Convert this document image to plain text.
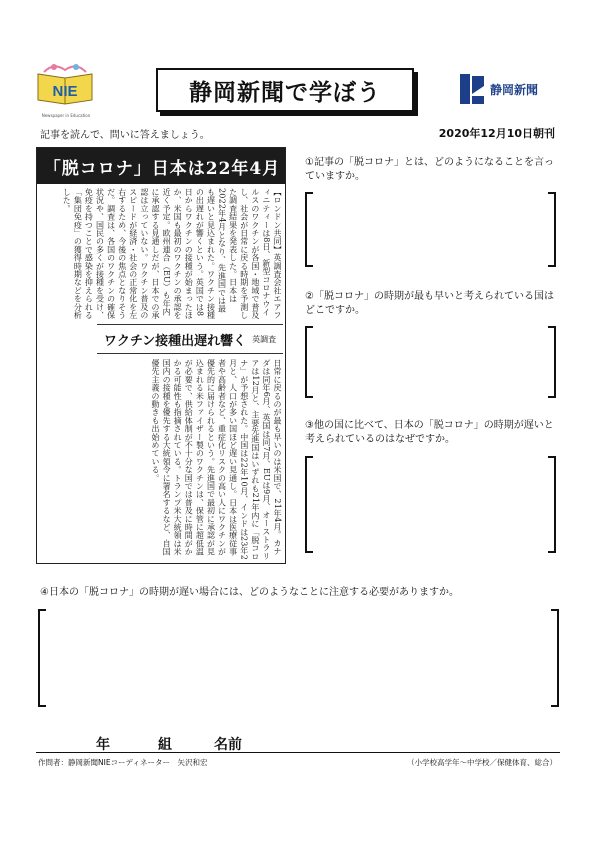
NIE
Newspaper in Education
静岡新聞で学ぼう	静岡新聞
記事を読んで、問いに答えましょう。	2020年12月10日朝刊
「脱コロナ」日本は22年4月
【ロンドン共同】英調査会社エアフィニティーは8日、新型コロナウイルスのワクチンが各国・地域で普及し、社会が日常に戻る時期を予測した調査結果を発表した。日本は2022年4月となり、先進国では最も遅いと見込まれた。ワクチン接種の出遅れが響くという。英国では8日からワクチンの接種が始まったほか、米国も最初のワクチンの承認を近く予定。欧州連合（EU）も年内に承認する見通しだが、日本での承認は立っていない。ワクチン普及のスピードが経済・社会の正常化を左右するため、今後の焦点となりそうだ。調査は、各国のワクチンの確保状況や、国民の多くが接種を受け、免疫を持つことで感染を抑えられる「集団免疫」の獲得時期などを分析した。
ワクチン接種出遅れ響く 英調査
日常に戻るのが最も早いのは米国で、21年4月。カナダは同年6月、英国は同7月、EUは9月、オーストラリアは12月と、主要先進国はいずれも21年内に「脱コロナ」が予想された。中国は22年10月、インドは23年2月と、人口が多い国ほど遅い見通し。日本は医療従事者や高齢者など、重症化リスクの高い人にワクチンが優先的に届けられるという。先進国で最初に承認が見込まれる米ファイザー製のワクチンは、保管に超低温が必要で、供給体制が不十分な国では普及に時間がかかる可能性も指摘されている。トランプ米大統領は米国内の接種を優先する大統領令に署名するなど、自国優先主義の動きも出始めている。
①記事の「脱コロナ」とは、どのようになることを言っていますか。
②「脱コロナ」の時期が最も早いと考えられている国はどこですか。
③他の国に比べて、日本の「脱コロナ」の時期が遅いと考えられているのはなぜですか。
④日本の「脱コロナ」の時期が遅い場合には、どのようなことに注意する必要がありますか。
年	組	名前
作問者：静岡新聞NIEコーディネーター　矢沢和宏	（小学校高学年～中学校／保健体育、総合）
